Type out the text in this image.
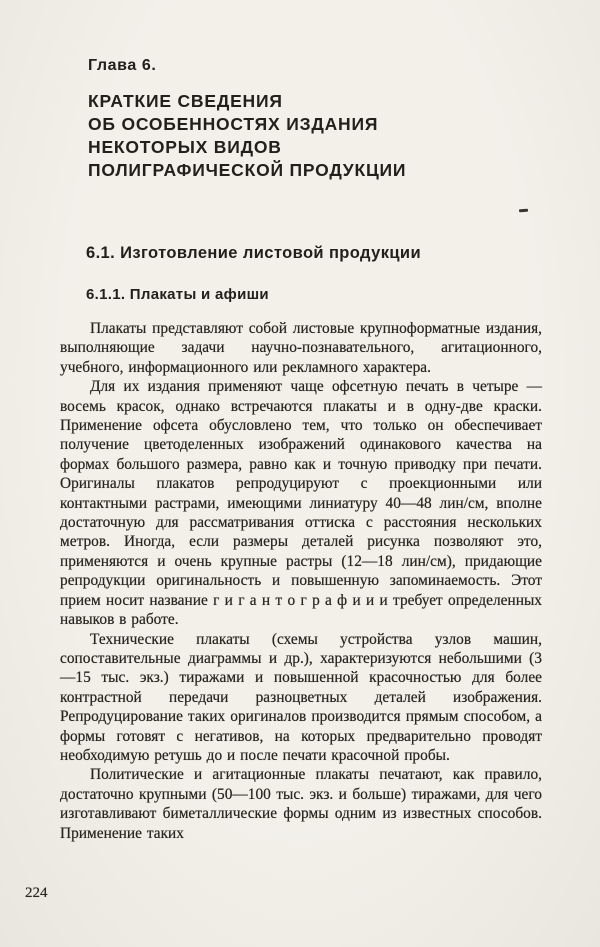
Глава 6.
КРАТКИЕ СВЕДЕНИЯ
ОБ ОСОБЕННОСТЯХ ИЗДАНИЯ
НЕКОТОРЫХ ВИДОВ
ПОЛИГРАФИЧЕСКОЙ ПРОДУКЦИИ
6.1. Изготовление листовой продукции
6.1.1. Плакаты и афиши

Плакаты представляют собой листовые крупноформатные издания, выполняющие задачи научно-познавательного, агитационного, учебного, информационного или рекламного характера.

Для их издания применяют чаще офсетную печать в четыре — восемь красок, однако встречаются плакаты и в одну-две краски. Применение офсета обусловлено тем, что только он обеспечивает получение цветоделенных изображений одинакового качества на формах большого размера, равно как и точную приводку при печати. Оригиналы плакатов репродуцируют с проекционными или контактными растрами, имеющими линиатуру 40—48 лин/см, вполне достаточную для рассматривания оттиска с расстояния нескольких метров. Иногда, если размеры деталей рисунка позволяют это, применяются и очень крупные растры (12—18 лин/см), придающие репродукции оригинальность и повышенную запоминаемость. Этот прием носит название г и г а н т о г р а ф и и и требует определенных навыков в работе.

Технические плакаты (схемы устройства узлов машин, сопоставительные диаграммы и др.), характеризуются небольшими (3—15 тыс. экз.) тиражами и повышенной красочностью для более контрастной передачи разноцветных деталей изображения. Репродуцирование таких оригиналов производится прямым способом, а формы готовят с негативов, на которых предварительно проводят необходимую ретушь до и после печати красочной пробы.

Политические и агитационные плакаты печатают, как правило, достаточно крупными (50—100 тыс. экз. и больше) тиражами, для чего изготавливают биметаллические формы одним из известных способов. Применение таких

224
